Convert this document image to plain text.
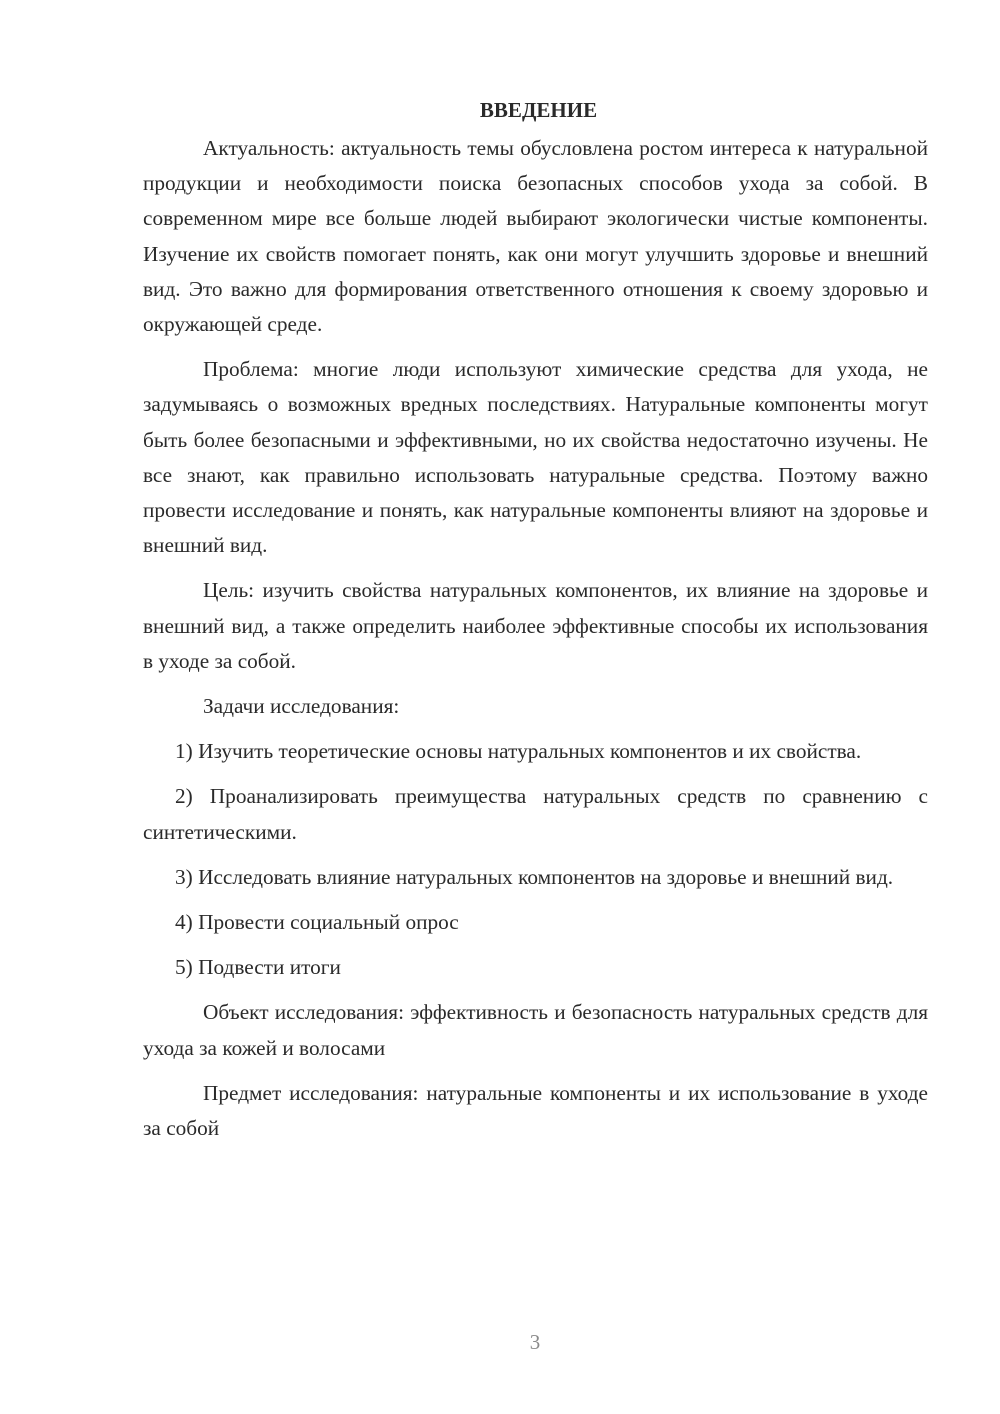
ВВЕДЕНИЕ

Актуальность: актуальность темы обусловлена ростом интереса к натуральной продукции и необходимости поиска безопасных способов ухода за собой. В современном мире все больше людей выбирают экологически чистые компоненты. Изучение их свойств помогает понять, как они могут улучшить здоровье и внешний вид. Это важно для формирования ответственного отношения к своему здоровью и окружающей среде.

Проблема: многие люди используют химические средства для ухода, не задумываясь о возможных вредных последствиях. Натуральные компоненты могут быть более безопасными и эффективными, но их свойства недостаточно изучены. Не все знают, как правильно использовать натуральные средства. Поэтому важно провести исследование и понять, как натуральные компоненты влияют на здоровье и внешний вид.

Цель: изучить свойства натуральных компонентов, их влияние на здоровье и внешний вид, а также определить наиболее эффективные способы их использования в уходе за собой.

Задачи исследования:

1) Изучить теоретические основы натуральных компонентов и их свойства.

2) Проанализировать преимущества натуральных средств по сравнению с синтетическими.

3) Исследовать влияние натуральных компонентов на здоровье и внешний вид.

4) Провести социальный опрос

5) Подвести итоги

Объект исследования: эффективность и безопасность натуральных средств для ухода за кожей и волосами

Предмет исследования: натуральные компоненты и их использование в уходе за собой

3
